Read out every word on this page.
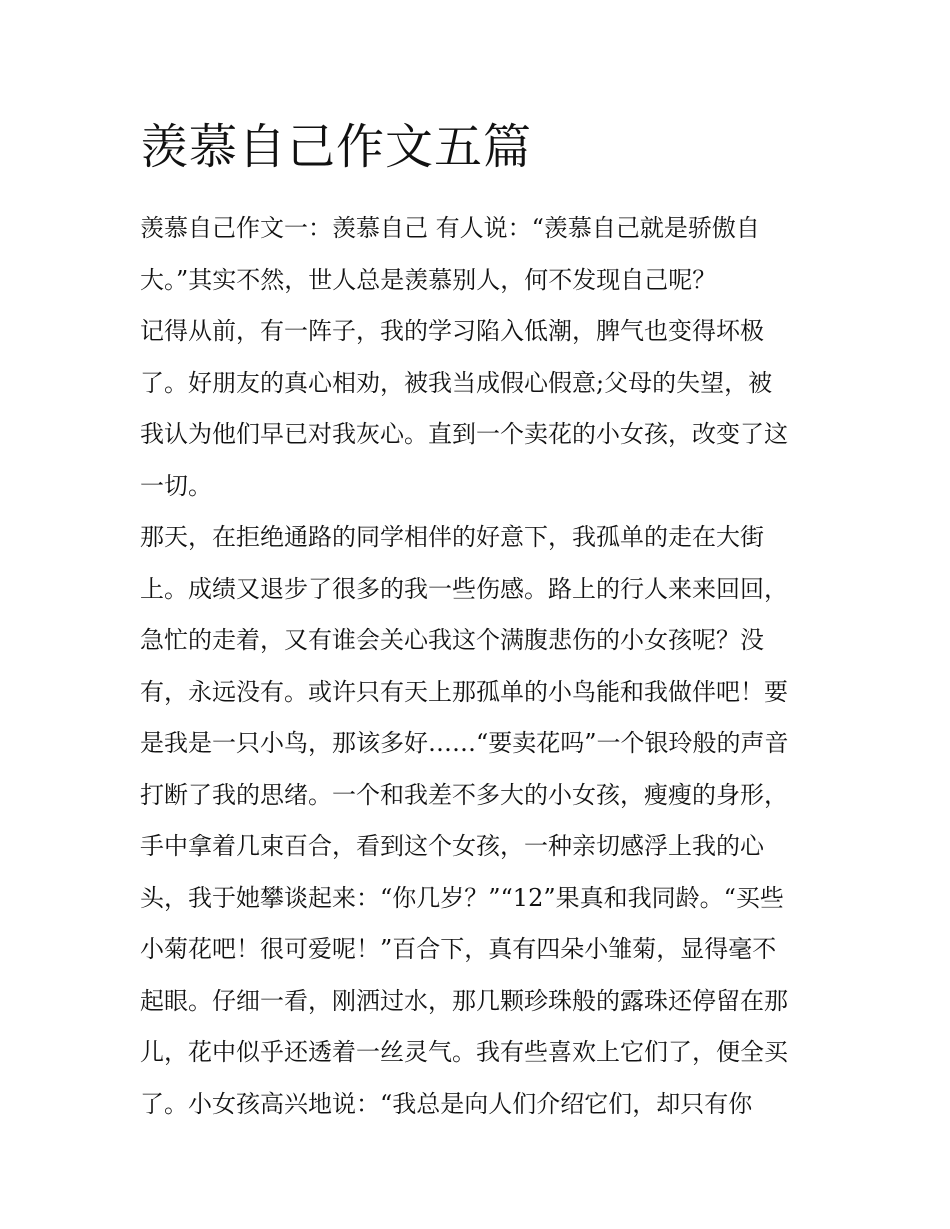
羡慕自己作文五篇
羡慕自己作文一：羡慕自己 有人说：“羡慕自己就是骄傲自
大。”其实不然，世人总是羡慕别人，何不发现自己呢？
记得从前，有一阵子，我的学习陷入低潮，脾气也变得坏极
了。好朋友的真心相劝，被我当成假心假意;父母的失望，被
我认为他们早已对我灰心。直到一个卖花的小女孩，改变了这
一切。
那天，在拒绝通路的同学相伴的好意下，我孤单的走在大街
上。成绩又退步了很多的我一些伤感。路上的行人来来回回，
急忙的走着，又有谁会关心我这个满腹悲伤的小女孩呢？没
有，永远没有。或许只有天上那孤单的小鸟能和我做伴吧！要
是我是一只小鸟，那该多好……“要卖花吗”一个银玲般的声音
打断了我的思绪。一个和我差不多大的小女孩，瘦瘦的身形，
手中拿着几束百合，看到这个女孩，一种亲切感浮上我的心
头，我于她攀谈起来：“你几岁？”“12”果真和我同龄。“买些
小菊花吧！很可爱呢！”百合下，真有四朵小雏菊，显得毫不
起眼。仔细一看，刚洒过水，那几颗珍珠般的露珠还停留在那
儿，花中似乎还透着一丝灵气。我有些喜欢上它们了，便全买
了。小女孩高兴地说：“我总是向人们介绍它们，却只有你
